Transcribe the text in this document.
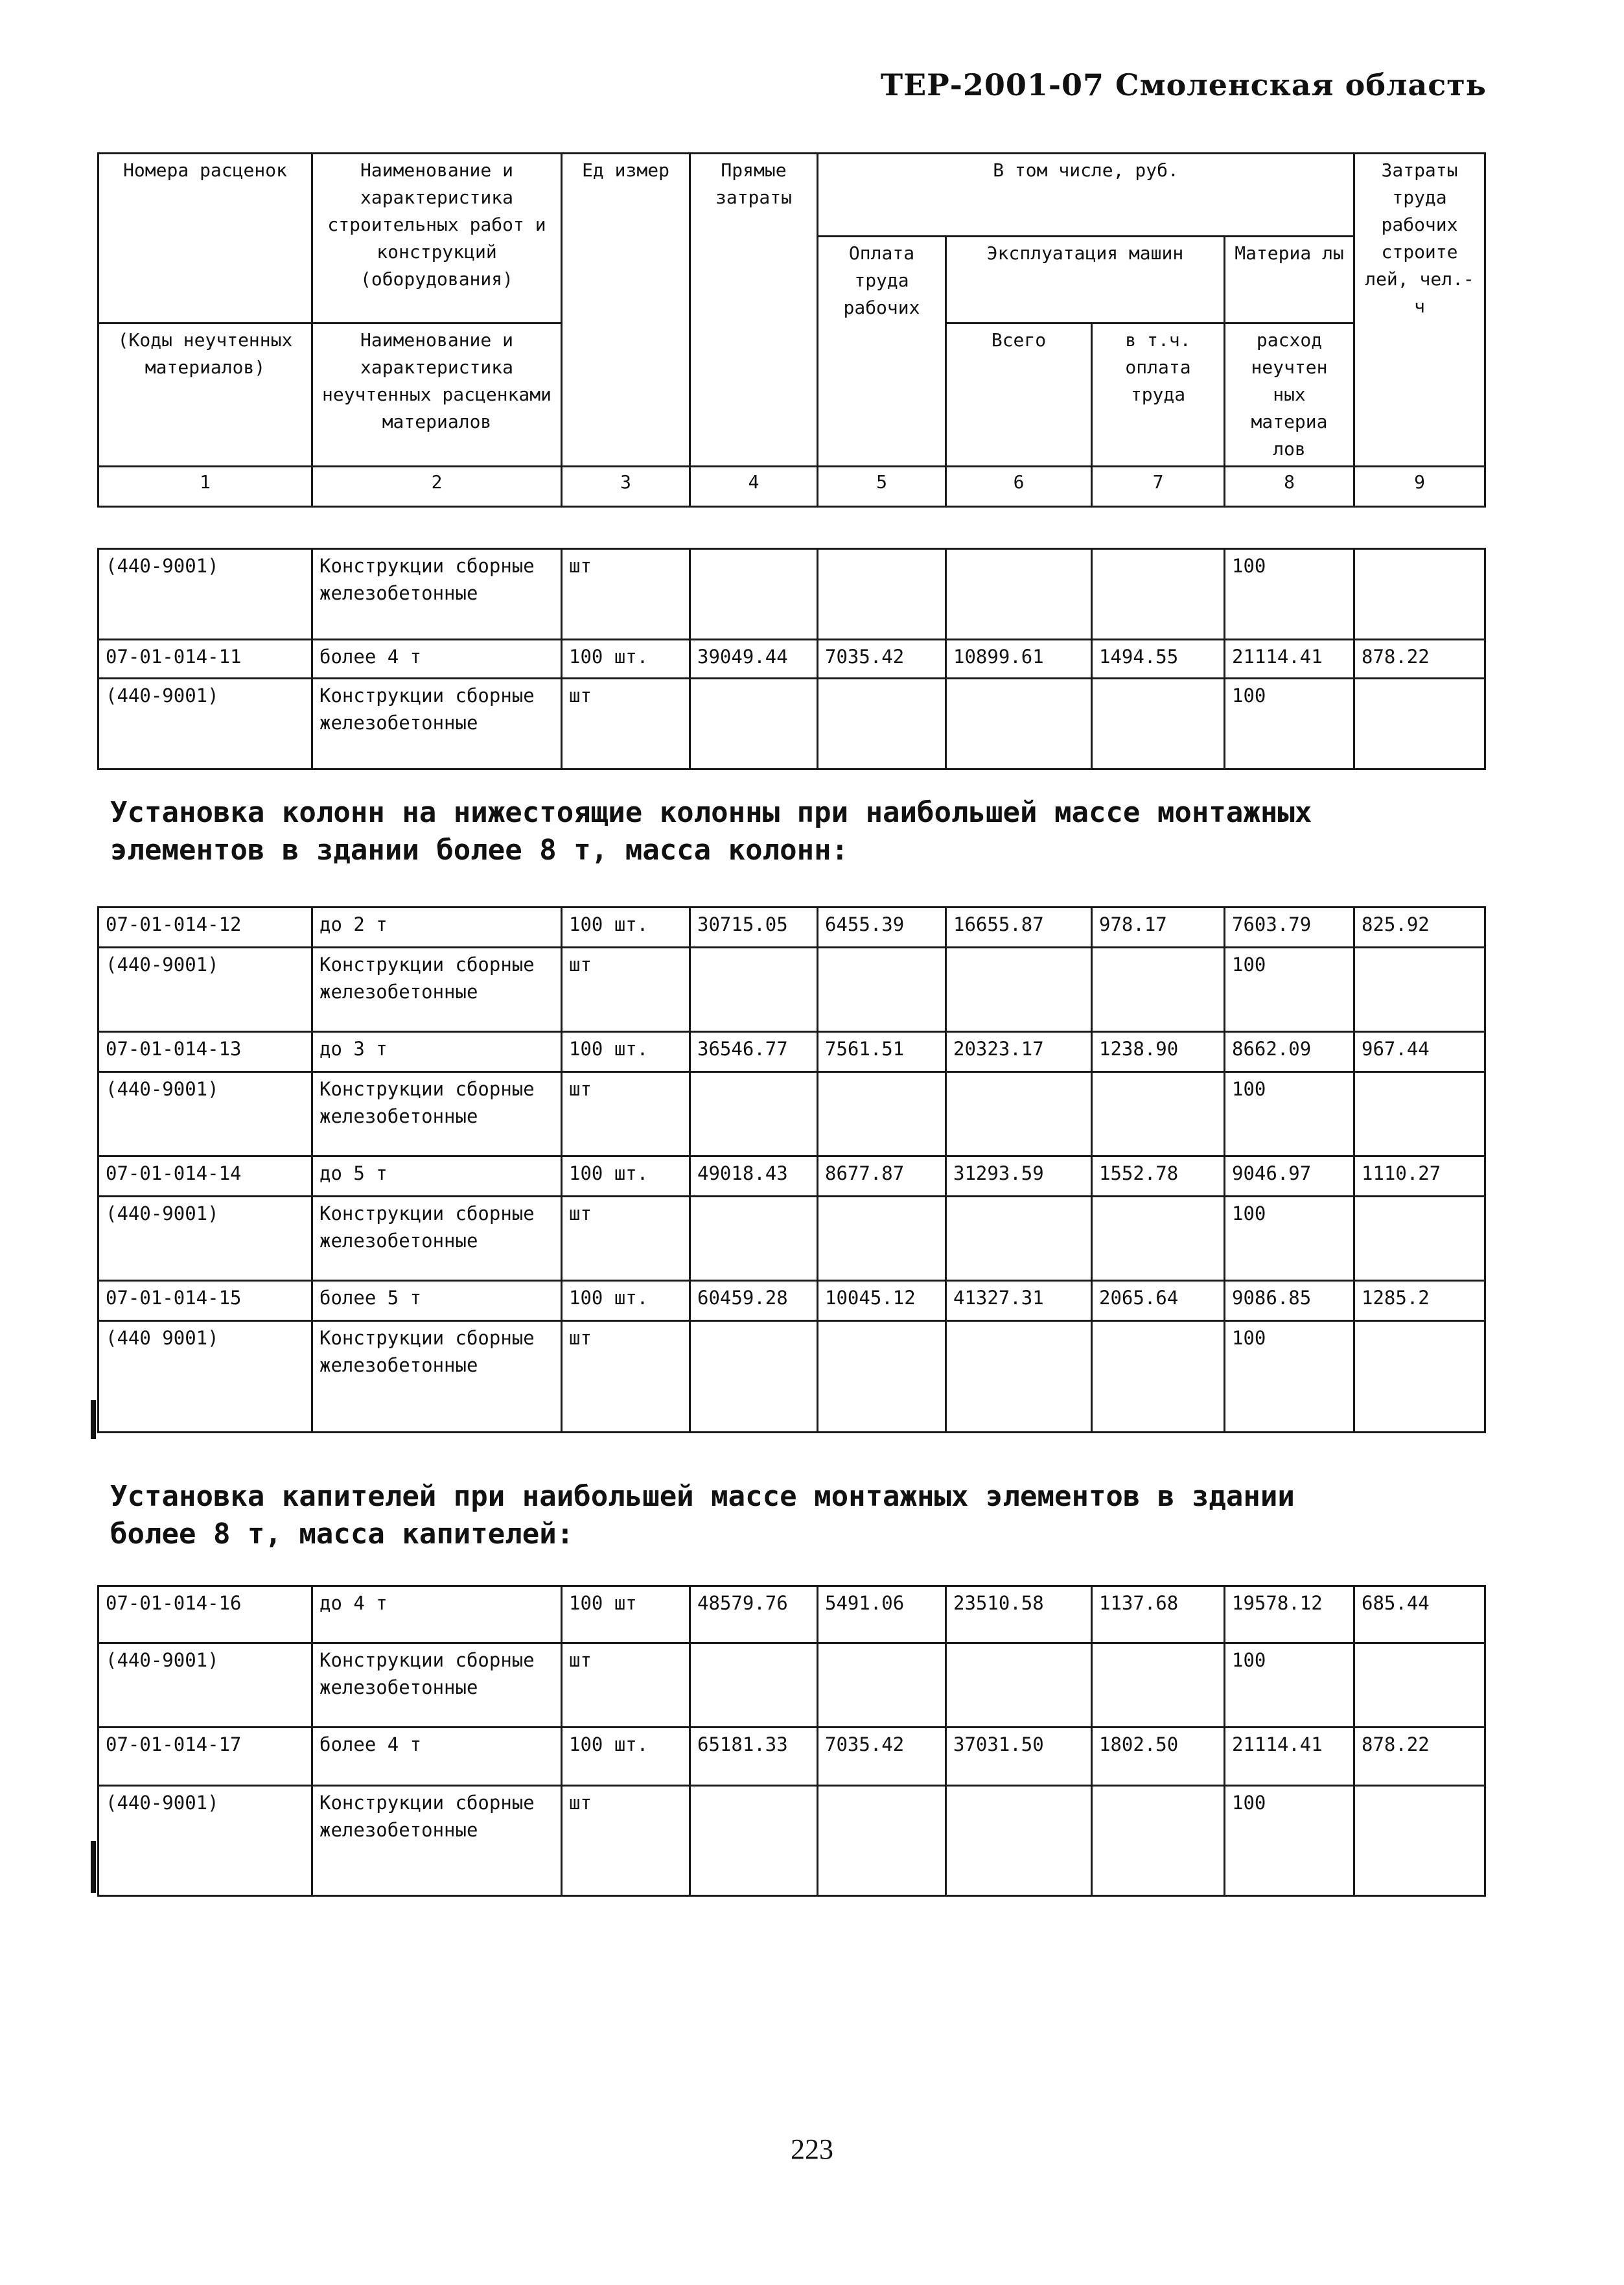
ТЕР-2001-07 Смоленская область
Номера расценок	Наименование и характеристика строительных работ и конструкций (оборудования)	Ед измер	Прямые затраты	В том числе, руб.				Затраты труда рабочих строите лей, чел.-ч
				Оплата труда рабочих	Эксплуатация машин		Материа лы	
(Коды неучтенных материалов)	Наименование и характеристика неучтенных расценками материалов				Всего	в т.ч. оплата труда	расход неучтен ных материа лов	
1	2	3	4	5	6	7	8	9
(440-9001)	Конструкции сборные железобетонные	шт					100	
07-01-014-11	более 4 т	100 шт.	39049.44	7035.42	10899.61	1494.55	21114.41	878.22
(440-9001)	Конструкции сборные железобетонные	шт					100	
Установка колонн на нижестоящие колонны при наибольшей массе монтажных элементов в здании более 8 т, масса колонн:
07-01-014-12	до 2 т	100 шт.	30715.05	6455.39	16655.87	978.17	7603.79	825.92
(440-9001)	Конструкции сборные железобетонные	шт					100	
07-01-014-13	до 3 т	100 шт.	36546.77	7561.51	20323.17	1238.90	8662.09	967.44
(440-9001)	Конструкции сборные железобетонные	шт					100	
07-01-014-14	до 5 т	100 шт.	49018.43	8677.87	31293.59	1552.78	9046.97	1110.27
(440-9001)	Конструкции сборные железобетонные	шт					100	
07-01-014-15	более 5 т	100 шт.	60459.28	10045.12	41327.31	2065.64	9086.85	1285.2
(440 9001)	Конструкции сборные железобетонные	шт					100	
Установка капителей при наибольшей массе монтажных элементов в здании более 8 т, масса капителей:
07-01-014-16	до 4 т	100 шт	48579.76	5491.06	23510.58	1137.68	19578.12	685.44
(440-9001)	Конструкции сборные железобетонные	шт					100	
07-01-014-17	более 4 т	100 шт.	65181.33	7035.42	37031.50	1802.50	21114.41	878.22
(440-9001)	Конструкции сборные железобетонные	шт					100	
223
